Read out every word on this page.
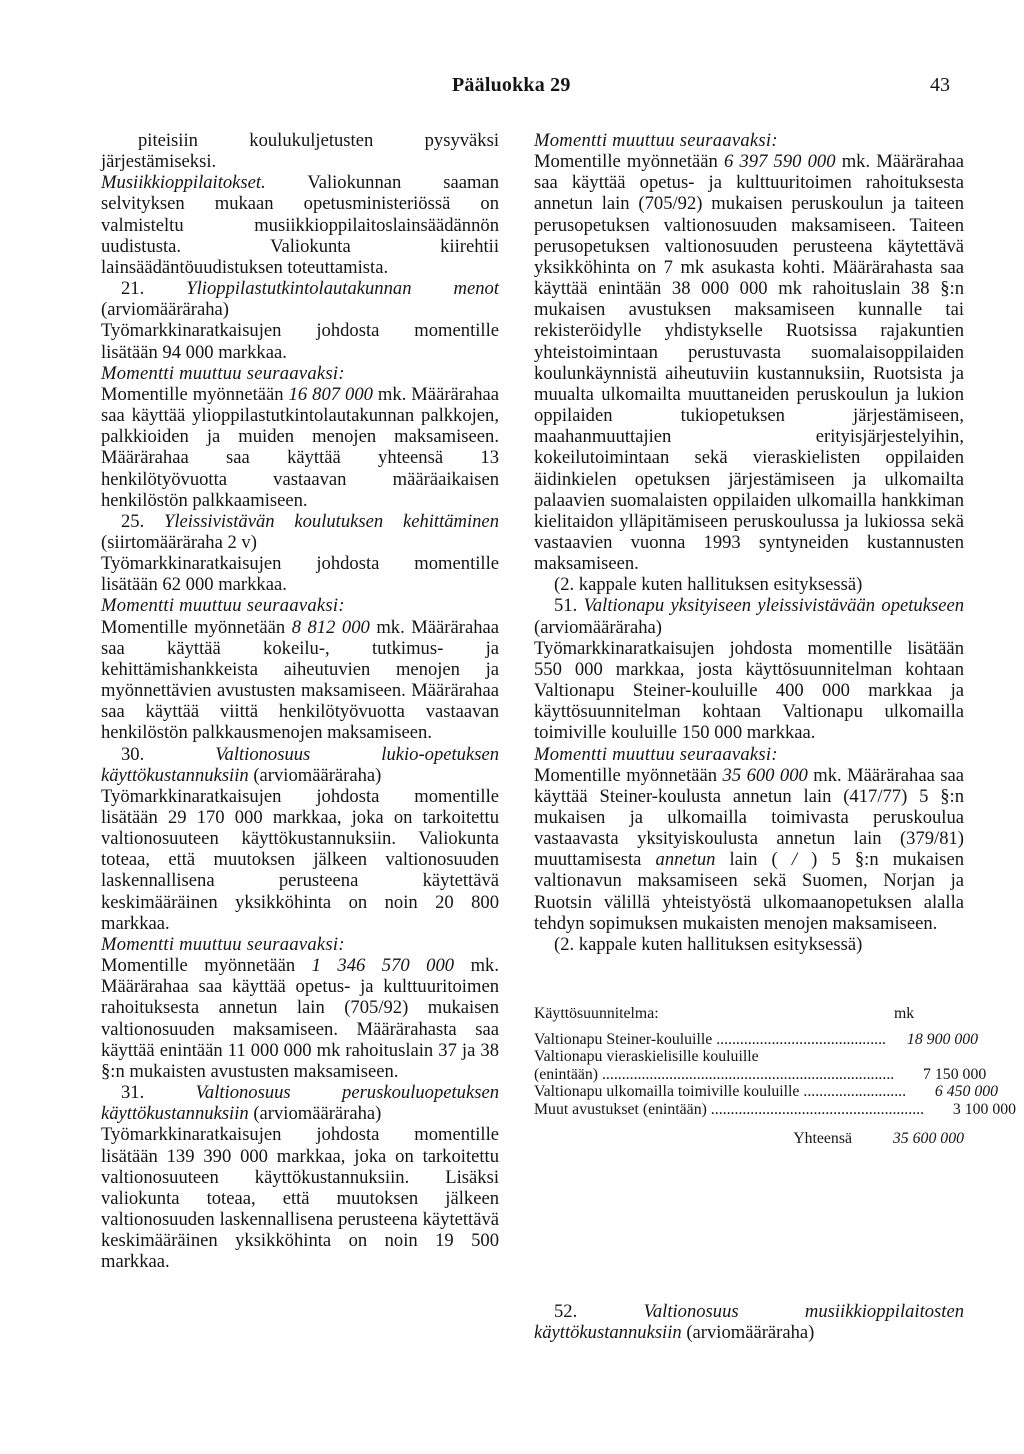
Pääluokka 29	43

piteisiin koulukuljetusten pysyväksi järjestämiseksi.

Musiikkioppilaitokset. Valiokunnan saaman selvityksen mukaan opetusministeriössä on valmisteltu musiikkioppilaitoslainsäädännön uudistusta. Valiokunta kiirehtii lainsäädäntöuudistuksen toteuttamista.

21. Ylioppilastutkintolautakunnan menot (arviomääräraha)

Työmarkkinaratkaisujen johdosta momentille lisätään 94 000 markkaa.

Momentti muuttuu seuraavaksi:

Momentille myönnetään 16 807 000 mk. Määrärahaa saa käyttää ylioppilastutkintolautakunnan palkkojen, palkkioiden ja muiden menojen maksamiseen. Määrärahaa saa käyttää yhteensä 13 henkilötyövuotta vastaavan määräaikaisen henkilöstön palkkaamiseen.

25. Yleissivistävän koulutuksen kehittäminen (siirtomääräraha 2 v)

Työmarkkinaratkaisujen johdosta momentille lisätään 62 000 markkaa.

Momentti muuttuu seuraavaksi:

Momentille myönnetään 8 812 000 mk. Määrärahaa saa käyttää kokeilu-, tutkimus- ja kehittämishankkeista aiheutuvien menojen ja myönnettävien avustusten maksamiseen. Määrärahaa saa käyttää viittä henkilötyövuotta vastaavan henkilöstön palkkausmenojen maksamiseen.

30. Valtionosuus lukio-opetuksen käyttökustannuksiin (arviomääräraha)

Työmarkkinaratkaisujen johdosta momentille lisätään 29 170 000 markkaa, joka on tarkoitettu valtionosuuteen käyttökustannuksiin. Valiokunta toteaa, että muutoksen jälkeen valtionosuuden laskennallisena perusteena käytettävä keskimääräinen yksikköhinta on noin 20 800 markkaa.

Momentti muuttuu seuraavaksi:

Momentille myönnetään 1 346 570 000 mk. Määrärahaa saa käyttää opetus- ja kulttuuritoimen rahoituksesta annetun lain (705/92) mukaisen valtionosuuden maksamiseen. Määrärahasta saa käyttää enintään 11 000 000 mk rahoituslain 37 ja 38 §:n mukaisten avustusten maksamiseen.

31. Valtionosuus peruskouluopetuksen käyttökustannuksiin (arviomääräraha)

Työmarkkinaratkaisujen johdosta momentille lisätään 139 390 000 markkaa, joka on tarkoitettu valtionosuuteen käyttökustannuksiin. Lisäksi valiokunta toteaa, että muutoksen jälkeen valtionosuuden laskennallisena perusteena käytettävä keskimääräinen yksikköhinta on noin 19 500 markkaa.

Momentti muuttuu seuraavaksi:

Momentille myönnetään 6 397 590 000 mk. Määrärahaa saa käyttää opetus- ja kulttuuritoimen rahoituksesta annetun lain (705/92) mukaisen peruskoulun ja taiteen perusopetuksen valtionosuuden maksamiseen. Taiteen perusopetuksen valtionosuuden perusteena käytettävä yksikköhinta on 7 mk asukasta kohti. Määrärahasta saa käyttää enintään 38 000 000 mk rahoituslain 38 §:n mukaisen avustuksen maksamiseen kunnalle tai rekisteröidylle yhdistykselle Ruotsissa rajakuntien yhteistoimintaan perustuvasta suomalaisoppilaiden koulunkäynnistä aiheutuviin kustannuksiin, Ruotsista ja muualta ulkomailta muuttaneiden peruskoulun ja lukion oppilaiden tukiopetuksen järjestämiseen, maahanmuuttajien erityisjärjestelyihin, kokeilutoimintaan sekä vieraskielisten oppilaiden äidinkielen opetuksen järjestämiseen ja ulkomailta palaavien suomalaisten oppilaiden ulkomailla hankkiman kielitaidon ylläpitämiseen peruskoulussa ja lukiossa sekä vastaavien vuonna 1993 syntyneiden kustannusten maksamiseen.

(2. kappale kuten hallituksen esityksessä)

51. Valtionapu yksityiseen yleissivistävään opetukseen (arviomääräraha)

Työmarkkinaratkaisujen johdosta momentille lisätään 550 000 markkaa, josta käyttösuunnitelman kohtaan Valtionapu Steiner-kouluille 400 000 markkaa ja käyttösuunnitelman kohtaan Valtionapu ulkomailla toimiville kouluille 150 000 markkaa.

Momentti muuttuu seuraavaksi:

Momentille myönnetään 35 600 000 mk. Määrärahaa saa käyttää Steiner-koulusta annetun lain (417/77) 5 §:n mukaisen ja ulkomailla toimivasta peruskoulua vastaavasta yksityiskoulusta annetun lain (379/81) muuttamisesta annetun lain ( / ) 5 §:n mukaisen valtionavun maksamiseen sekä Suomen, Norjan ja Ruotsin välillä yhteistyöstä ulkomaanopetuksen alalla tehdyn sopimuksen mukaisten menojen maksamiseen.

(2. kappale kuten hallituksen esityksessä)

Käyttösuunnitelma:	mk
Valtionapu Steiner-kouluille ...........................................	18 900 000
Valtionapu vieraskielisille kouluille
(enintään) ..........................................................................	7 150 000
Valtionapu ulkomailla toimiville kouluille ..........................	6 450 000
Muut avustukset (enintään) ......................................................	3 100 000
Yhteensä	35 600 000

52. Valtionosuus musiikkioppilaitosten käyttökustannuksiin (arviomääräraha)
